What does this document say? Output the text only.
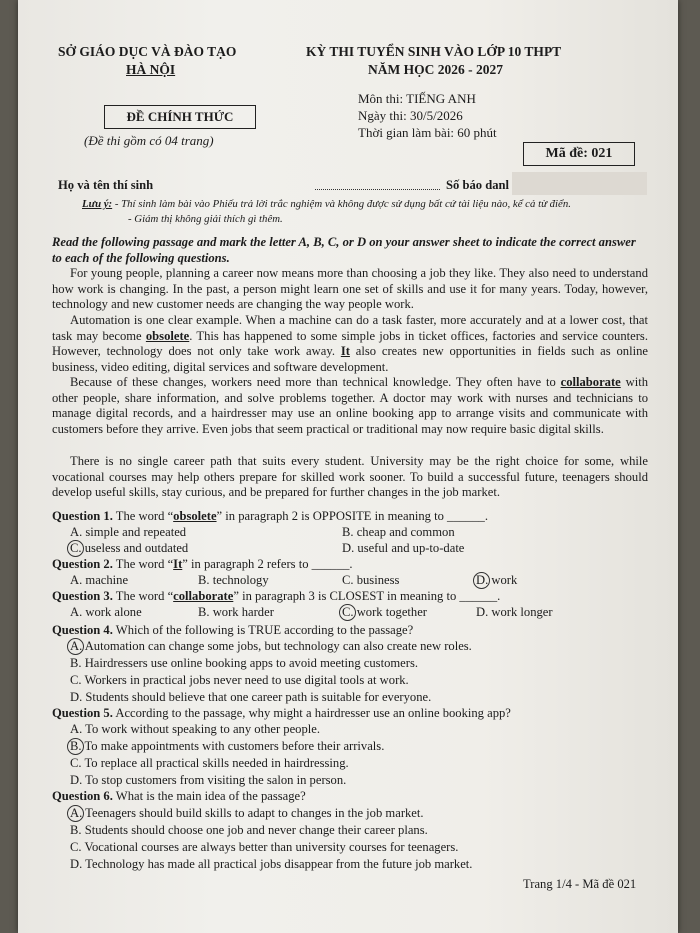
SỞ GIÁO DỤC VÀ ĐÀO TẠO
HÀ NỘI
ĐỀ CHÍNH THỨC
(Đề thi gồm có 04 trang)
KỲ THI TUYỂN SINH VÀO LỚP 10 THPT
NĂM HỌC 2026 - 2027
Môn thi: TIẾNG ANH
Ngày thi: 30/5/2026
Thời gian làm bài: 60 phút
Mã đề: 021
Họ và tên thí sinh	Số báo danl
Lưu ý: - Thí sinh làm bài vào Phiếu trả lời trắc nghiệm và không được sử dụng bất cứ tài liệu nào, kể cả từ điển.
- Giám thị không giải thích gì thêm.

Read the following passage and mark the letter A, B, C, or D on your answer sheet to indicate the correct answer to each of the following questions.

For young people, planning a career now means more than choosing a job they like. They also need to understand how work is changing. In the past, a person might learn one set of skills and use it for many years. Today, however, technology and new customer needs are changing the way people work.

Automation is one clear example. When a machine can do a task faster, more accurately and at a lower cost, that task may become obsolete. This has happened to some simple jobs in ticket offices, factories and service counters. However, technology does not only take work away. It also creates new opportunities in fields such as online business, video editing, digital services and software development.

Because of these changes, workers need more than technical knowledge. They often have to collaborate with other people, share information, and solve problems together. A doctor may work with nurses and technicians to manage digital records, and a hairdresser may use an online booking app to arrange visits and communicate with customers before they arrive. Even jobs that seem practical or traditional may now require basic digital skills.

There is no single career path that suits every student. University may be the right choice for some, while vocational courses may help others prepare for skilled work sooner. To build a successful future, teenagers should develop useful skills, stay curious, and be prepared for further changes in the job market.

Question 1. The word “obsolete” in paragraph 2 is OPPOSITE in meaning to ______.
A. simple and repeated	B. cheap and common
C. useless and outdated	D. useful and up-to-date
Question 2. The word “It” in paragraph 2 refers to ______.
A. machine	B. technology	C. business	D. work
Question 3. The word “collaborate” in paragraph 3 is CLOSEST in meaning to ______.
A. work alone	B. work harder	C. work together	D. work longer
Question 4. Which of the following is TRUE according to the passage?
A. Automation can change some jobs, but technology can also create new roles.
B. Hairdressers use online booking apps to avoid meeting customers.
C. Workers in practical jobs never need to use digital tools at work.
D. Students should believe that one career path is suitable for everyone.
Question 5. According to the passage, why might a hairdresser use an online booking app?
A. To work without speaking to any other people.
B. To make appointments with customers before their arrivals.
C. To replace all practical skills needed in hairdressing.
D. To stop customers from visiting the salon in person.
Question 6. What is the main idea of the passage?
A. Teenagers should build skills to adapt to changes in the job market.
B. Students should choose one job and never change their career plans.
C. Vocational courses are always better than university courses for teenagers.
D. Technology has made all practical jobs disappear from the future job market.
Trang 1/4 - Mã đề 021
